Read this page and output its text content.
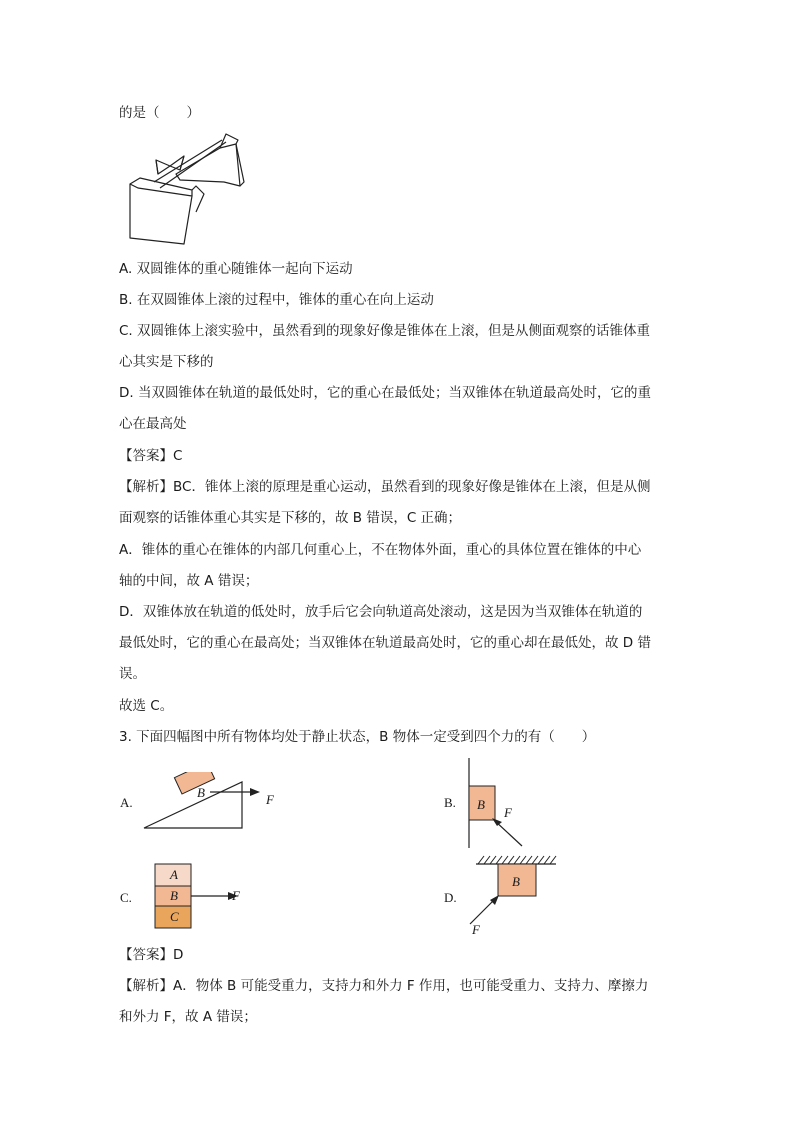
的是（　　）
A. 双圆锥体的重心随锥体一起向下运动
B. 在双圆锥体上滚的过程中，锥体的重心在向上运动
C. 双圆锥体上滚实验中，虽然看到的现象好像是锥体在上滚，但是从侧面观察的话锥体重
心其实是下移的
D. 当双圆锥体在轨道的最低处时，它的重心在最低处；当双锥体在轨道最高处时，它的重
心在最高处
【答案】C
【解析】BC．锥体上滚的原理是重心运动，虽然看到的现象好像是锥体在上滚，但是从侧
面观察的话锥体重心其实是下移的，故 B 错误，C 正确；
A．锥体的重心在锥体的内部几何重心上，不在物体外面，重心的具体位置在锥体的中心
轴的中间，故 A 错误；
D．双锥体放在轨道的低处时，放手后它会向轨道高处滚动，这是因为当双锥体在轨道的
最低处时，它的重心在最高处；当双锥体在轨道最高处时，它的重心却在最低处，故 D 错
误。
故选 C。
3. 下面四幅图中所有物体均处于静止状态，B 物体一定受到四个力的有（　　）
A.
B	F	B. B
F
C.
A
B
C
F	D.
B
F
【答案】D
【解析】A．物体 B 可能受重力，支持力和外力 F 作用，也可能受重力、支持力、摩擦力
和外力 F，故 A 错误；
